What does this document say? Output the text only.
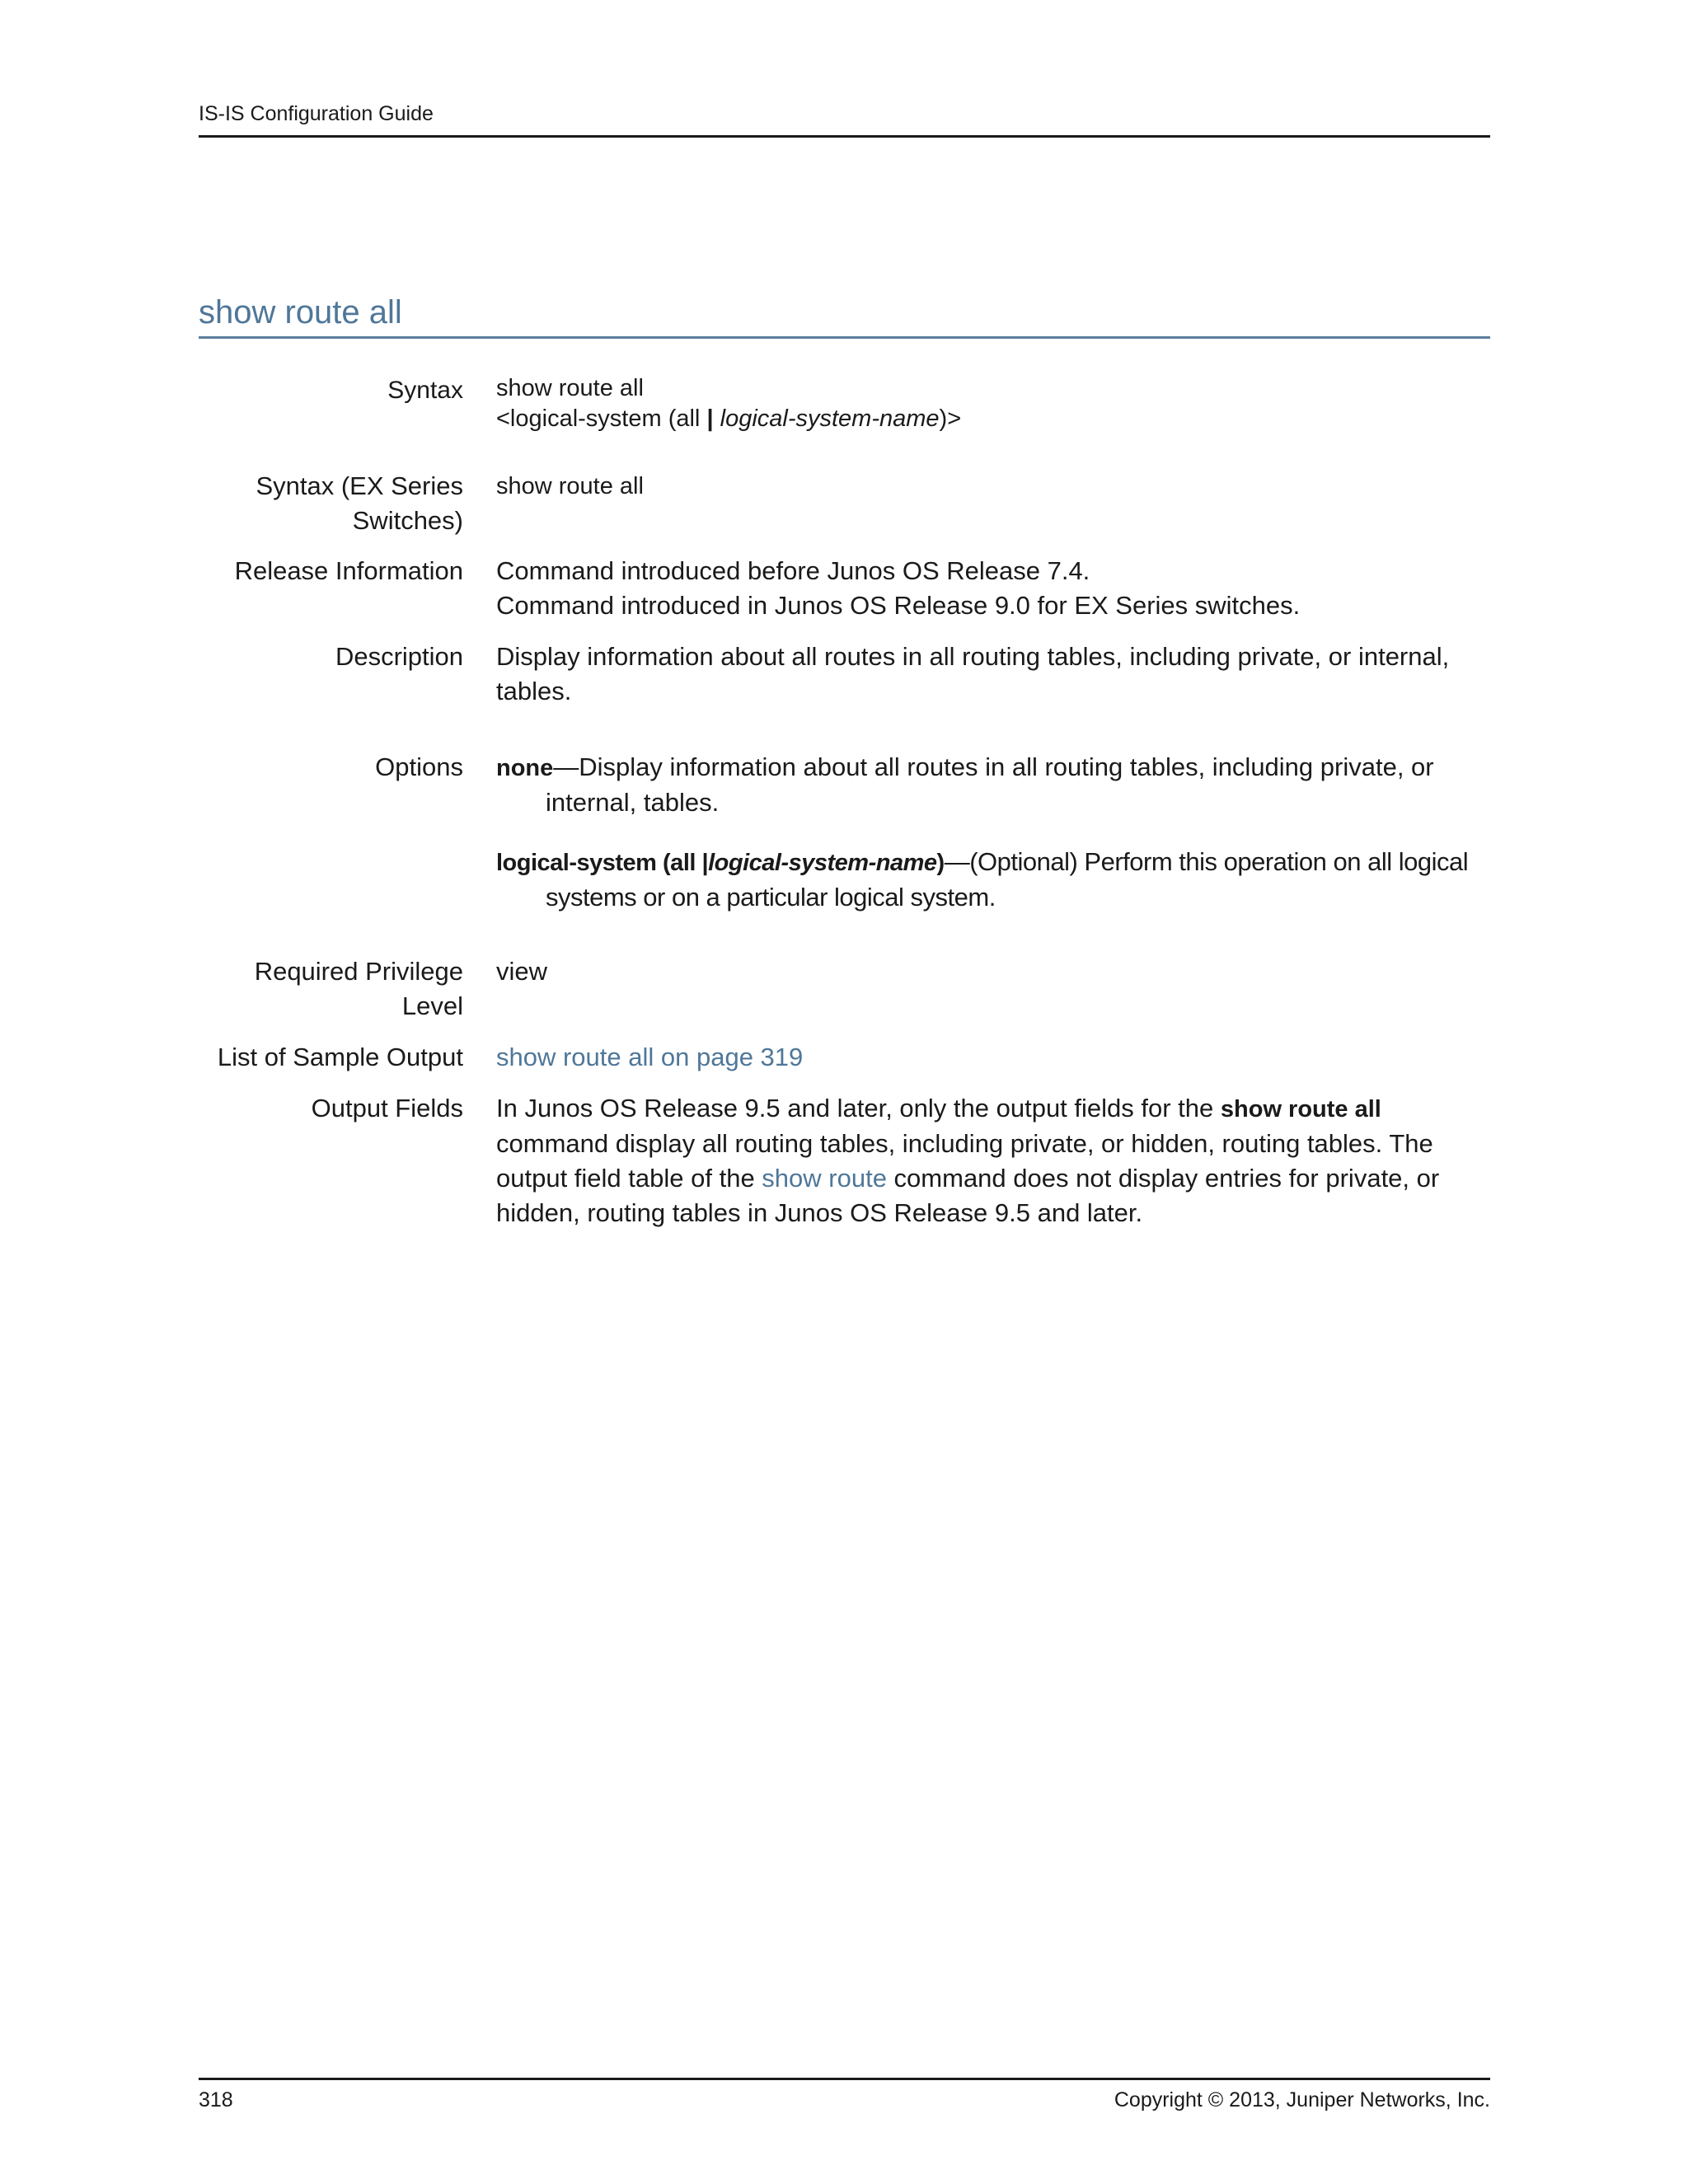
IS-IS Configuration Guide
show route all
Syntax show route all
<logical-system (all | logical-system-name)>
Syntax (EX Series
Switches)
show route all
Release Information Command introduced before Junos OS Release 7.4.
Command introduced in Junos OS Release 9.0 for EX Series switches.
Description Display information about all routes in all routing tables, including private, or internal,
tables.
Options none—Display information about all routes in all routing tables, including private, or internal, tables.
logical-system (all |logical-system-name)—(Optional) Perform this operation on all logical systems or on a particular logical system.
Required Privilege
Level
view
List of Sample Output show route all on page 319
Output Fields In Junos OS Release 9.5 and later, only the output fields for the show route all command display all routing tables, including private, or hidden, routing tables. The output field table of the show route command does not display entries for private, or hidden, routing tables in Junos OS Release 9.5 and later.
318	Copyright © 2013, Juniper Networks, Inc.
